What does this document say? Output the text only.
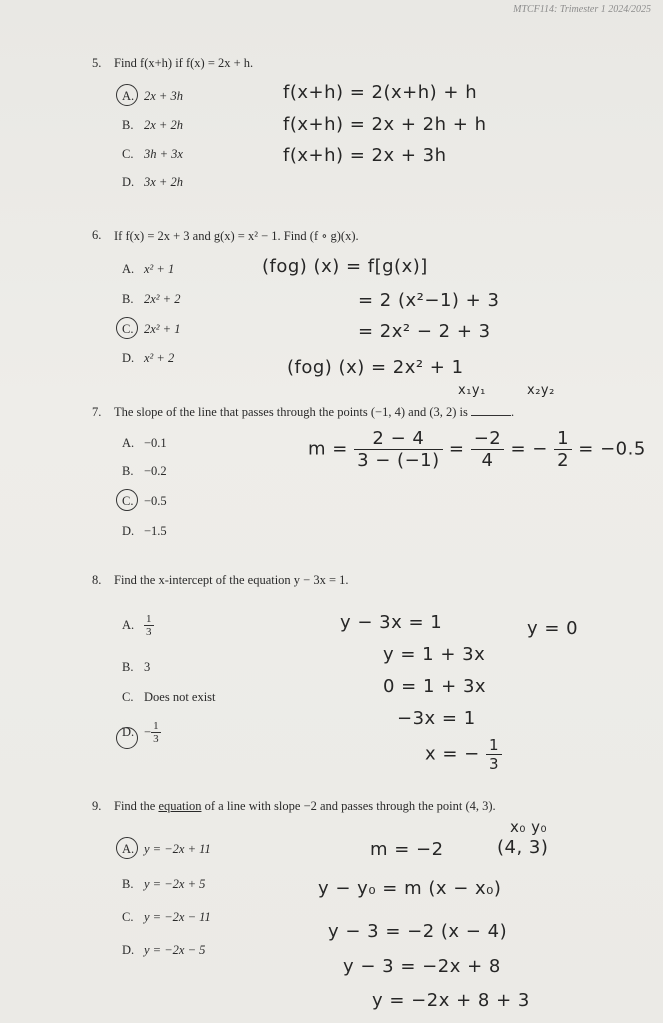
MTCF114: Trimester 1 2024/2025
5.	Find f(x+h) if f(x) = 2x + h.
A. 2x + 3h
B. 2x + 2h
C. 3h + 3x
D. 3x + 2h
f(x+h) = 2(x+h) + h
f(x+h) = 2x + 2h + h
f(x+h) = 2x + 3h
6.	If f(x) = 2x + 3 and g(x) = x² − 1. Find (f ∘ g)(x).
A. x² + 1
B. 2x² + 2
C. 2x² + 1
D. x² + 2
(fog) (x) = f[g(x)]
= 2 (x²−1) + 3
= 2x² − 2 + 3
(fog) (x) = 2x² + 1
x₁y₁	x₂y₂
7.	The slope of the line that passes through the points (−1, 4) and (3, 2) is	.
A. −0.1
B. −0.2
C. −0.5
D. −1.5
$m = \frac{2 - 4}{3 - (-1)} = \frac{-2}{4}$ = − $\frac{1}{2} = -0.5$
8.	Find the x-intercept of the equation y − 3x = 1.
A. $\frac{1}{3}$
B. 3
C. Does not exist
D. − $\frac{1}{3}$
y − 3x = 1	y = 0
y = 1 + 3x
0 = 1 + 3x
−3x = 1
x = − $\frac{1}{3}$
9.	Find the equation of a line with slope −2 and passes through the point (4, 3).
A. y = −2x + 11
B. y = −2x + 5
C. y = −2x − 11
D. y = −2x − 5
x₀ y₀
m = −2	(4, 3)
y − y₀ = m (x − x₀)
y − 3 = −2 (x − 4)
y − 3 = −2x + 8
y = −2x + 8 + 3
